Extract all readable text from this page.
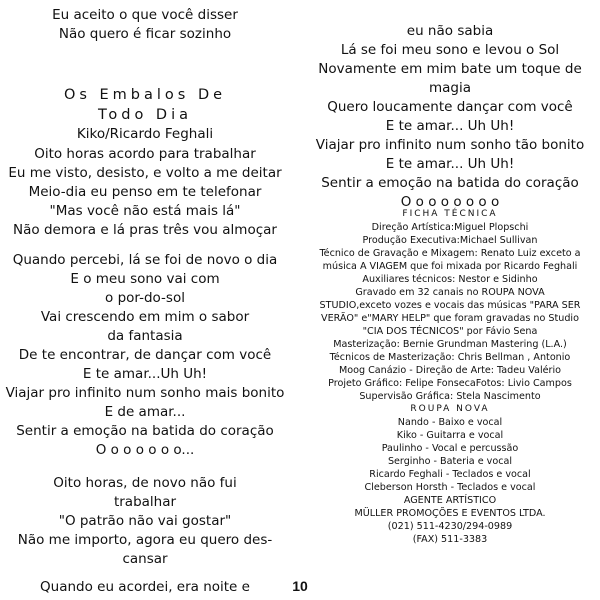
Eu aceito o que você disser
Não quero é ficar sozinho
Os Embalos De
Todo Dia
Kiko/Ricardo Feghali
Oito horas acordo para trabalhar
Eu me visto, desisto, e volto a me deitar
Meio-dia eu penso em te telefonar
"Mas você não está mais lá"
Não demora e lá pras três vou almoçar
Quando percebi, lá se foi de novo o dia
E o meu sono vai com
o por-do-sol
Vai crescendo em mim o sabor
da fantasia
De te encontrar, de dançar com você
E te amar...Uh Uh!
Viajar pro infinito num sonho mais bonito
E de amar...
Sentir a emoção na batida do coração
O o o o o o o...
Oito horas, de novo não fui
trabalhar
"O patrão não vai gostar"
Não me importo, agora eu quero des-
cansar
Quando eu acordei, era noite e
eu não sabia
Lá se foi meu sono e levou o Sol
Novamente em mim bate um toque de
magia
Quero loucamente dançar com você
E te amar... Uh Uh!
Viajar pro infinito num sonho tão bonito
E te amar... Uh Uh!
Sentir a emoção na batida do coração
O o o o o o o o
FICHA TÉCNICA
Direção Artística:Miguel Plopschi
Produção Executiva:Michael Sullivan
Técnico de Gravação e Mixagem: Renato Luiz exceto a
música A VIAGEM que foi mixada por Ricardo Feghali
Auxiliares técnicos: Nestor e Sidinho
Gravado em 32 canais no ROUPA NOVA
STUDIO,exceto vozes e vocais das músicas "PARA SER
VERÃO" e"MARY HELP" que foram gravadas no Studio
"CIA DOS TÉCNICOS" por Fávio Sena
Masterização: Bernie Grundman Mastering (L.A.)
Técnicos de Masterização: Chris Bellman , Antonio
Moog Canázio - Direção de Arte: Tadeu Valério
Projeto Gráfico: Felipe FonsecaFotos: Livio Campos
Supervisão Gráfica: Stela Nascimento
ROUPA NOVA
Nando - Baixo e vocal
Kiko - Guitarra e vocal
Paulinho - Vocal e percussão
Serginho - Bateria e vocal
Ricardo Feghali - Teclados e vocal
Cleberson Horsth - Teclados e vocal
AGENTE ARTÍSTICO
MÜLLER PROMOÇÕES E EVENTOS LTDA.
(021) 511-4230/294-0989
(FAX) 511-3383
10
